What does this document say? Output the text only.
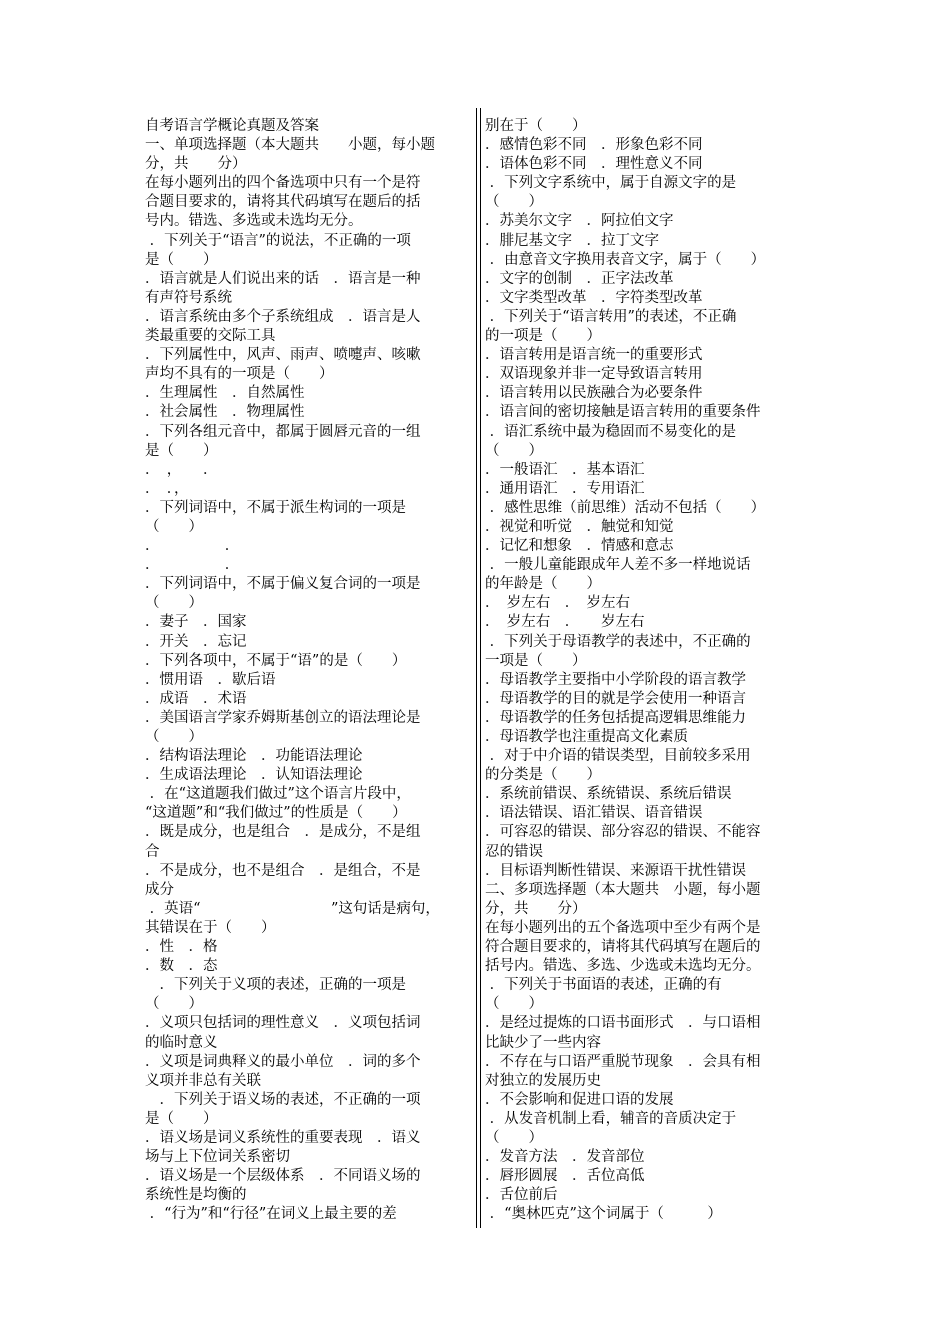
自考语言学概论真题及答案
一、单项选择题（本大题共　　小题，每小题
分，共　　分）
在每小题列出的四个备选项中只有一个是符
合题目要求的，请将其代码填写在题后的括
号内。错选、多选或未选均无分。
．下列关于“语言”的说法，不正确的一项
是（　　）
．语言就是人们说出来的话　．语言是一种
有声符号系统
．语言系统由多个子系统组成　．语言是人
类最重要的交际工具
．下列属性中，风声、雨声、喷嚏声、咳嗽
声均不具有的一项是（　　）
．生理属性　．自然属性
．社会属性　．物理属性
．下列各组元音中，都属于圆唇元音的一组
是（　　）
．　，　　．
．　．，
．下列词语中，不属于派生构词的一项是
（　　）
．　　　　　．
．　　　　　．
．下列词语中，不属于偏义复合词的一项是
（　　）
．妻子　．国家
．开关　．忘记
．下列各项中，不属于“语”的是（　　）
．惯用语　．歇后语
．成语　．术语
．美国语言学家乔姆斯基创立的语法理论是
（　　）
．结构语法理论　．功能语法理论
．生成语法理论　．认知语法理论
．在“这道题我们做过”这个语言片段中，
“这道题”和“我们做过”的性质是（　　）
．既是成分，也是组合　．是成分，不是组
合
．不是成分，也不是组合　．是组合，不是
成分
．英语“　　　　　　　　　”这句话是病句，
其错误在于（　　）
．性　．格
．数　．态
　．下列关于义项的表述，正确的一项是
（　　）
．义项只包括词的理性意义　．义项包括词
的临时意义
．义项是词典释义的最小单位　．词的多个
义项并非总有关联
　．下列关于语义场的表述，不正确的一项
是（　　）
．语义场是词义系统性的重要表现　．语义
场与上下位词关系密切
．语义场是一个层级体系　．不同语义场的
系统性是均衡的
．“行为”和“行径”在词义上最主要的差
别在于（　　）
．感情色彩不同　．形象色彩不同
．语体色彩不同　．理性意义不同
．下列文字系统中，属于自源文字的是
（　　）
．苏美尔文字　．阿拉伯文字
．腓尼基文字　．拉丁文字
．由意音文字换用表音文字，属于（　　）
．文字的创制　．正字法改革
．文字类型改革　．字符类型改革
．下列关于“语言转用”的表述，不正确
的一项是（　　）
．语言转用是语言统一的重要形式
．双语现象并非一定导致语言转用
．语言转用以民族融合为必要条件
．语言间的密切接触是语言转用的重要条件
．语汇系统中最为稳固而不易变化的是
（　　）
．一般语汇　．基本语汇
．通用语汇　．专用语汇
．感性思维（前思维）活动不包括（　　）
．视觉和听觉　．触觉和知觉
．记忆和想象　．情感和意志
．一般儿童能跟成年人差不多一样地说话
的年龄是（　　）
．　岁左右　．　岁左右
．　岁左右　．　　岁左右
．下列关于母语教学的表述中，不正确的
一项是（　　）
．母语教学主要指中小学阶段的语言教学
．母语教学的目的就是学会使用一种语言
．母语教学的任务包括提高逻辑思维能力
．母语教学也注重提高文化素质
．对于中介语的错误类型，目前较多采用
的分类是（　　）
．系统前错误、系统错误、系统后错误
．语法错误、语汇错误、语音错误
．可容忍的错误、部分容忍的错误、不能容
忍的错误
．目标语判断性错误、来源语干扰性错误
二、多项选择题（本大题共　小题，每小题
分，共　　分）
在每小题列出的五个备选项中至少有两个是
符合题目要求的，请将其代码填写在题后的
括号内。错选、多选、少选或未选均无分。
．下列关于书面语的表述，正确的有
（　　）
．是经过提炼的口语书面形式　．与口语相
比缺少了一些内容
．不存在与口语严重脱节现象　．会具有相
对独立的发展历史
．不会影响和促进口语的发展
．从发音机制上看，辅音的音质决定于
（　　）
．发音方法　．发音部位
．唇形圆展　．舌位高低
．舌位前后
．“奥林匹克”这个词属于（　　　）
